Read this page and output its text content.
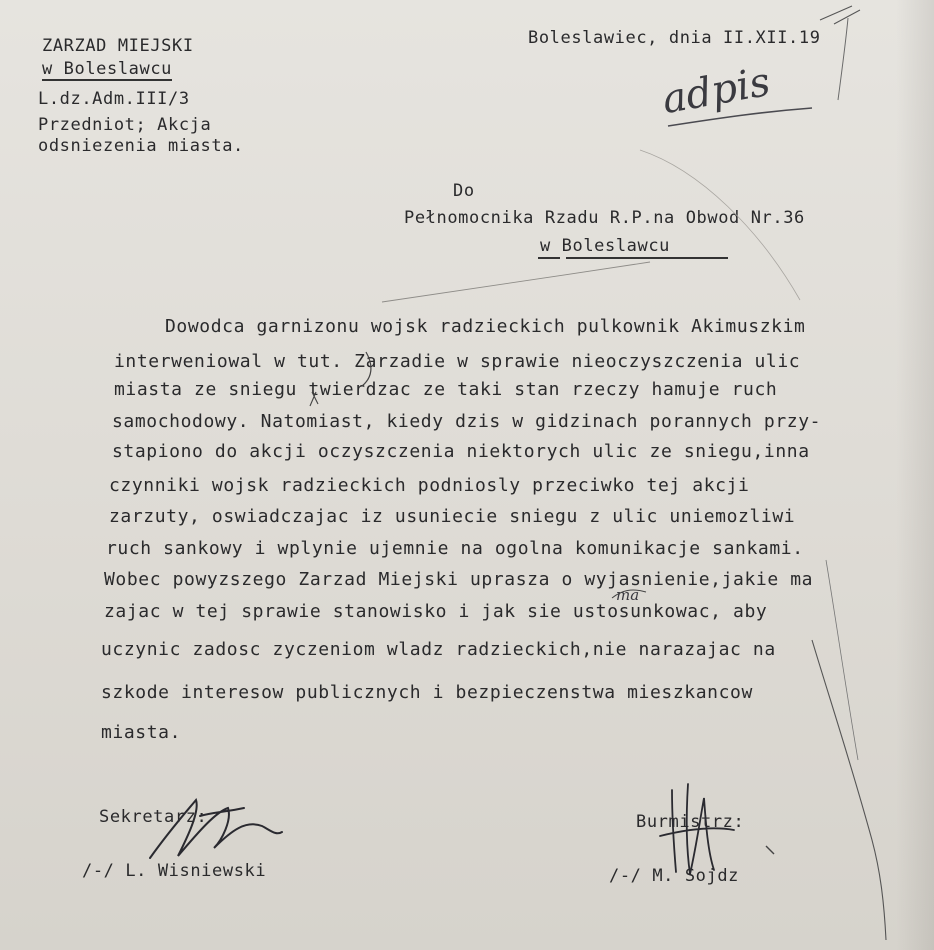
ZARZAD MIEJSKI
w Boleslawcu
L.dz.Adm.III/3
Przedniot; Akcja
odsniezenia miasta.
Boleslawiec, dnia II.XII.19
adpis
Do
Pełnomocnika Rzadu R.P.na Obwod Nr.36
w Boleslawcu
Dowodca garnizonu wojsk radzieckich pulkownik Akimuszkim
interweniowal w tut. Zarzadie w sprawie nieoczyszczenia ulic
miasta ze sniegu twierdzac ze taki stan rzeczy hamuje ruch
samochodowy. Natomiast, kiedy dzis w gidzinach porannych przy-
stapiono do akcji oczyszczenia niektorych ulic ze sniegu,inna
czynniki wojsk radzieckich podniosly przeciwko tej akcji
zarzuty, oswiadczajac iz usuniecie sniegu z ulic uniemozliwi
ruch sankowy i wplynie ujemnie na ogolna komunikacje sankami.
Wobec powyzszego Zarzad Miejski uprasza o wyjasnienie,jakie ma
zajac w tej sprawie stanowisko i jak sie ustosunkowac, aby
uczynic zadosc zyczeniom wladz radzieckich,nie narazajac na
szkode interesow publicznych i bezpieczenstwa mieszkancow
miasta.
ma
Sekretarz:
/-/ L. Wisniewski
Burmistrz:
/-/ M. Sojdz
